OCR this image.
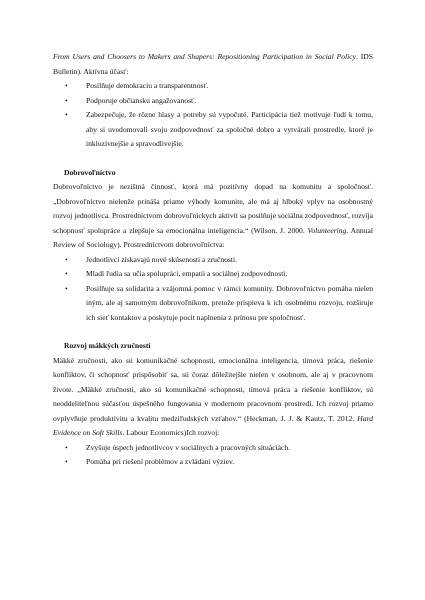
From Users and Choosers to Makers and Shapers: Repositioning Participation in Social Policy. IDS Bulletin). Aktívna účasť:

• Posilňuje demokraciu a transparentnosť.
• Podporuje občiansku angažovanosť.
• Zabezpečuje, že rôzne hlasy a potreby sú vypočuté. Participácia tiež motivuje ľudí k tomu, aby si uvedomovali svoju zodpovednosť za spoločné dobro a vytvárali prostredie, ktoré je inkluzívnejšie a spravodlivejšie.

Dobrovoľníctvo

Dobrovoľníctvo je nezištná činnosť, ktorá má pozitívny dopad na komunitu a spoločnosť. „Dobrovoľníctvo nielenže prináša priame výhody komunite, ale má aj hlboký vplyv na osobnostný rozvoj jednotlivca. Prostredníctvom dobrovoľníckych aktivít sa posilňuje sociálna zodpovednosť, rozvíja schopnosť spolupráce a zlepšuje sa emocionálna inteligencia.“ (Wilson, J. 2000. Volunteering. Annual Review of Sociology). Prostredníctvom dobrovoľníctva:

• Jednotlivci získavajú nové skúsenosti a zručnosti.
• Mladí ľudia sa učia spolupráci, empatii a sociálnej zodpovednosti.
• Posilňuje sa solidarita a vzájomná pomoc v rámci komunity. Dobrovoľníctvo pomáha nielen iným, ale aj samotným dobrovoľníkom, pretože prispieva k ich osobnému rozvoju, rozširuje ich sieť kontaktov a poskytuje pocit naplnenia z prínosu pre spoločnosť.

Rozvoj mäkkých zručností

Mäkké zručnosti, ako sú komunikačné schopnosti, emocionálna inteligencia, tímová práca, riešenie konfliktov, či schopnosť prispôsobiť sa, sú čoraz dôležitejšie nielen v osobnom, ale aj v pracovnom živote. „Mäkké zručnosti, ako sú komunikačné schopnosti, tímová práca a riešenie konfliktov, sú neoddeliteľnou súčasťou úspešného fungovania v modernom pracovnom prostredí. Ich rozvoj priamo ovplyvňuje produktivitu a kvalitu medziľudských vzťahov.“ (Heckman, J. J. & Kautz, T. 2012. Hard Evidence on Soft Skills. Labour Economics)Ich rozvoj:

• Zvyšuje úspech jednotlivcov v sociálnych a pracovných situáciách.
• Pomáha pri riešení problémov a zvládaní výziev.
